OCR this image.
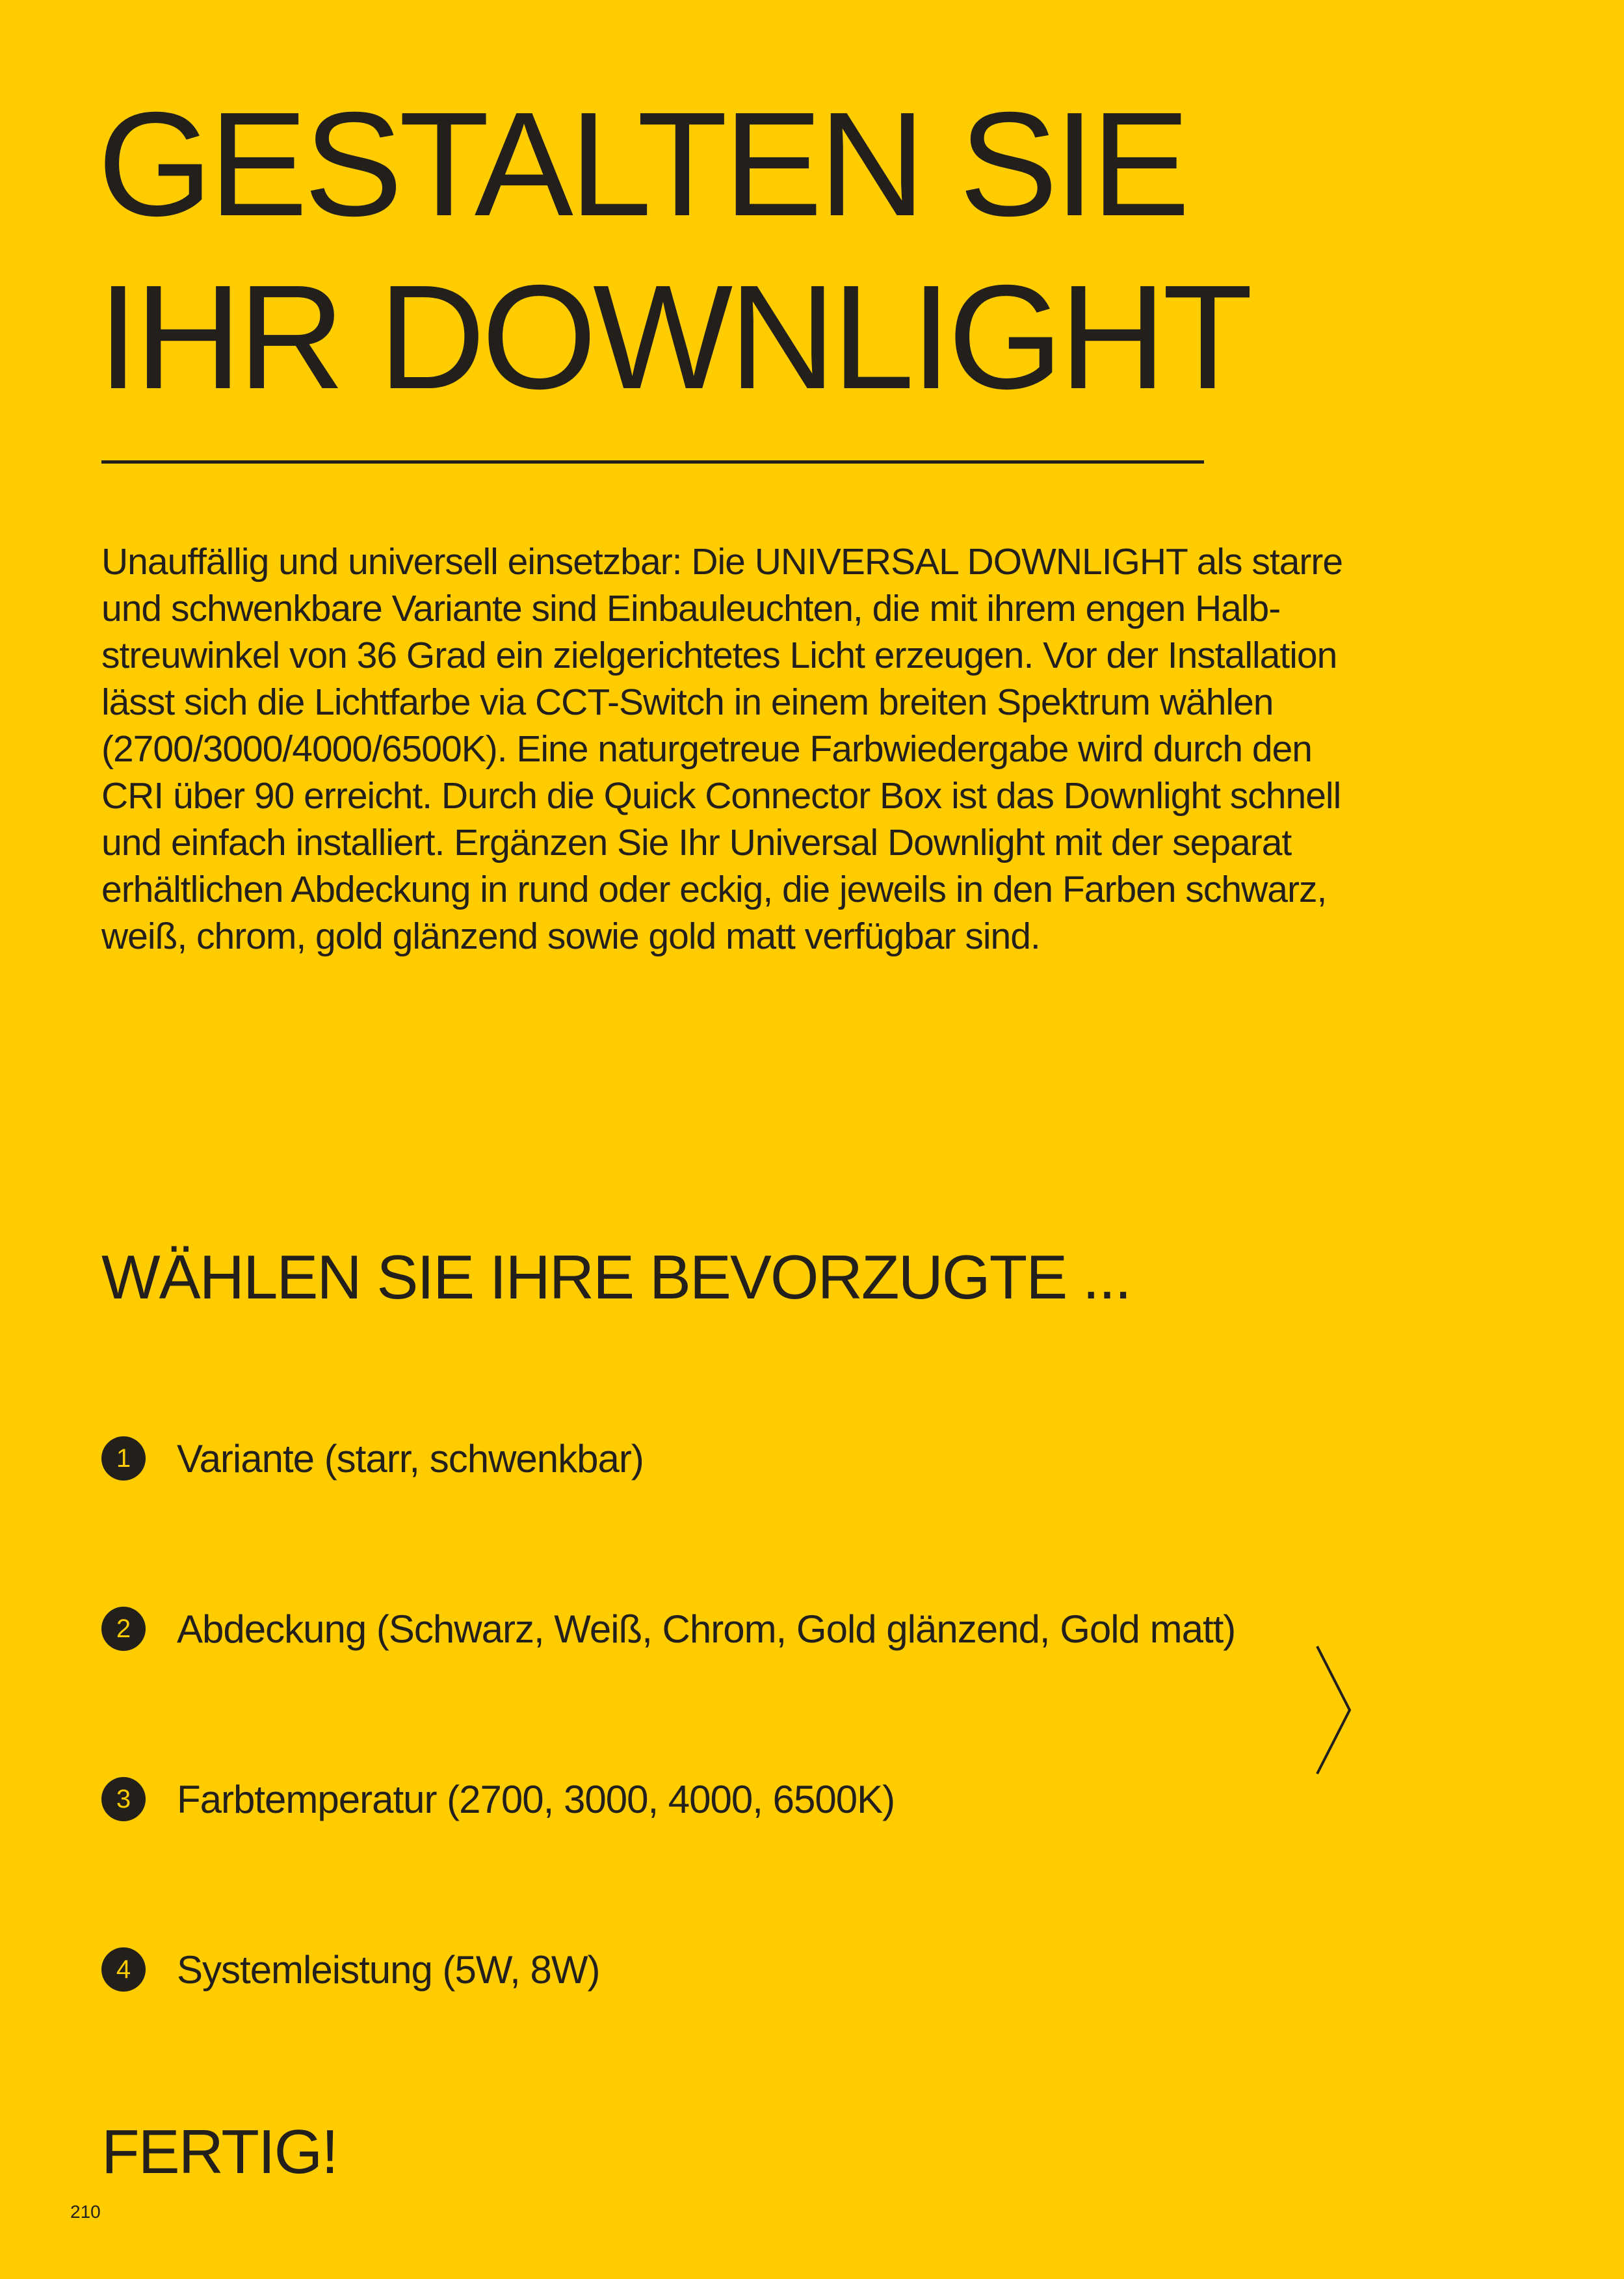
GESTALTEN SIE
IHR DOWNLIGHT

Unauffällig und universell einsetzbar: Die UNIVERSAL DOWNLIGHT als starre
und schwenkbare Variante sind Einbauleuchten, die mit ihrem engen Halb-
streuwinkel von 36 Grad ein zielgerichtetes Licht erzeugen. Vor der Installation
lässt sich die Lichtfarbe via CCT-Switch in einem breiten Spektrum wählen
(2700/3000/4000/6500K). Eine naturgetreue Farbwiedergabe wird durch den
CRI über 90 erreicht. Durch die Quick Connector Box ist das Downlight schnell
und einfach installiert. Ergänzen Sie Ihr Universal Downlight mit der separat
erhältlichen Abdeckung in rund oder eckig, die jeweils in den Farben schwarz,
weiß, chrom, gold glänzend sowie gold matt verfügbar sind.

WÄHLEN SIE IHRE BEVORZUGTE ...
1	Variante (starr, schwenkbar)
2	Abdeckung (Schwarz, Weiß, Chrom, Gold glänzend, Gold matt)
3	Farbtemperatur (2700, 3000, 4000, 6500K)
4	Systemleistung (5W, 8W)
FERTIG!
210
